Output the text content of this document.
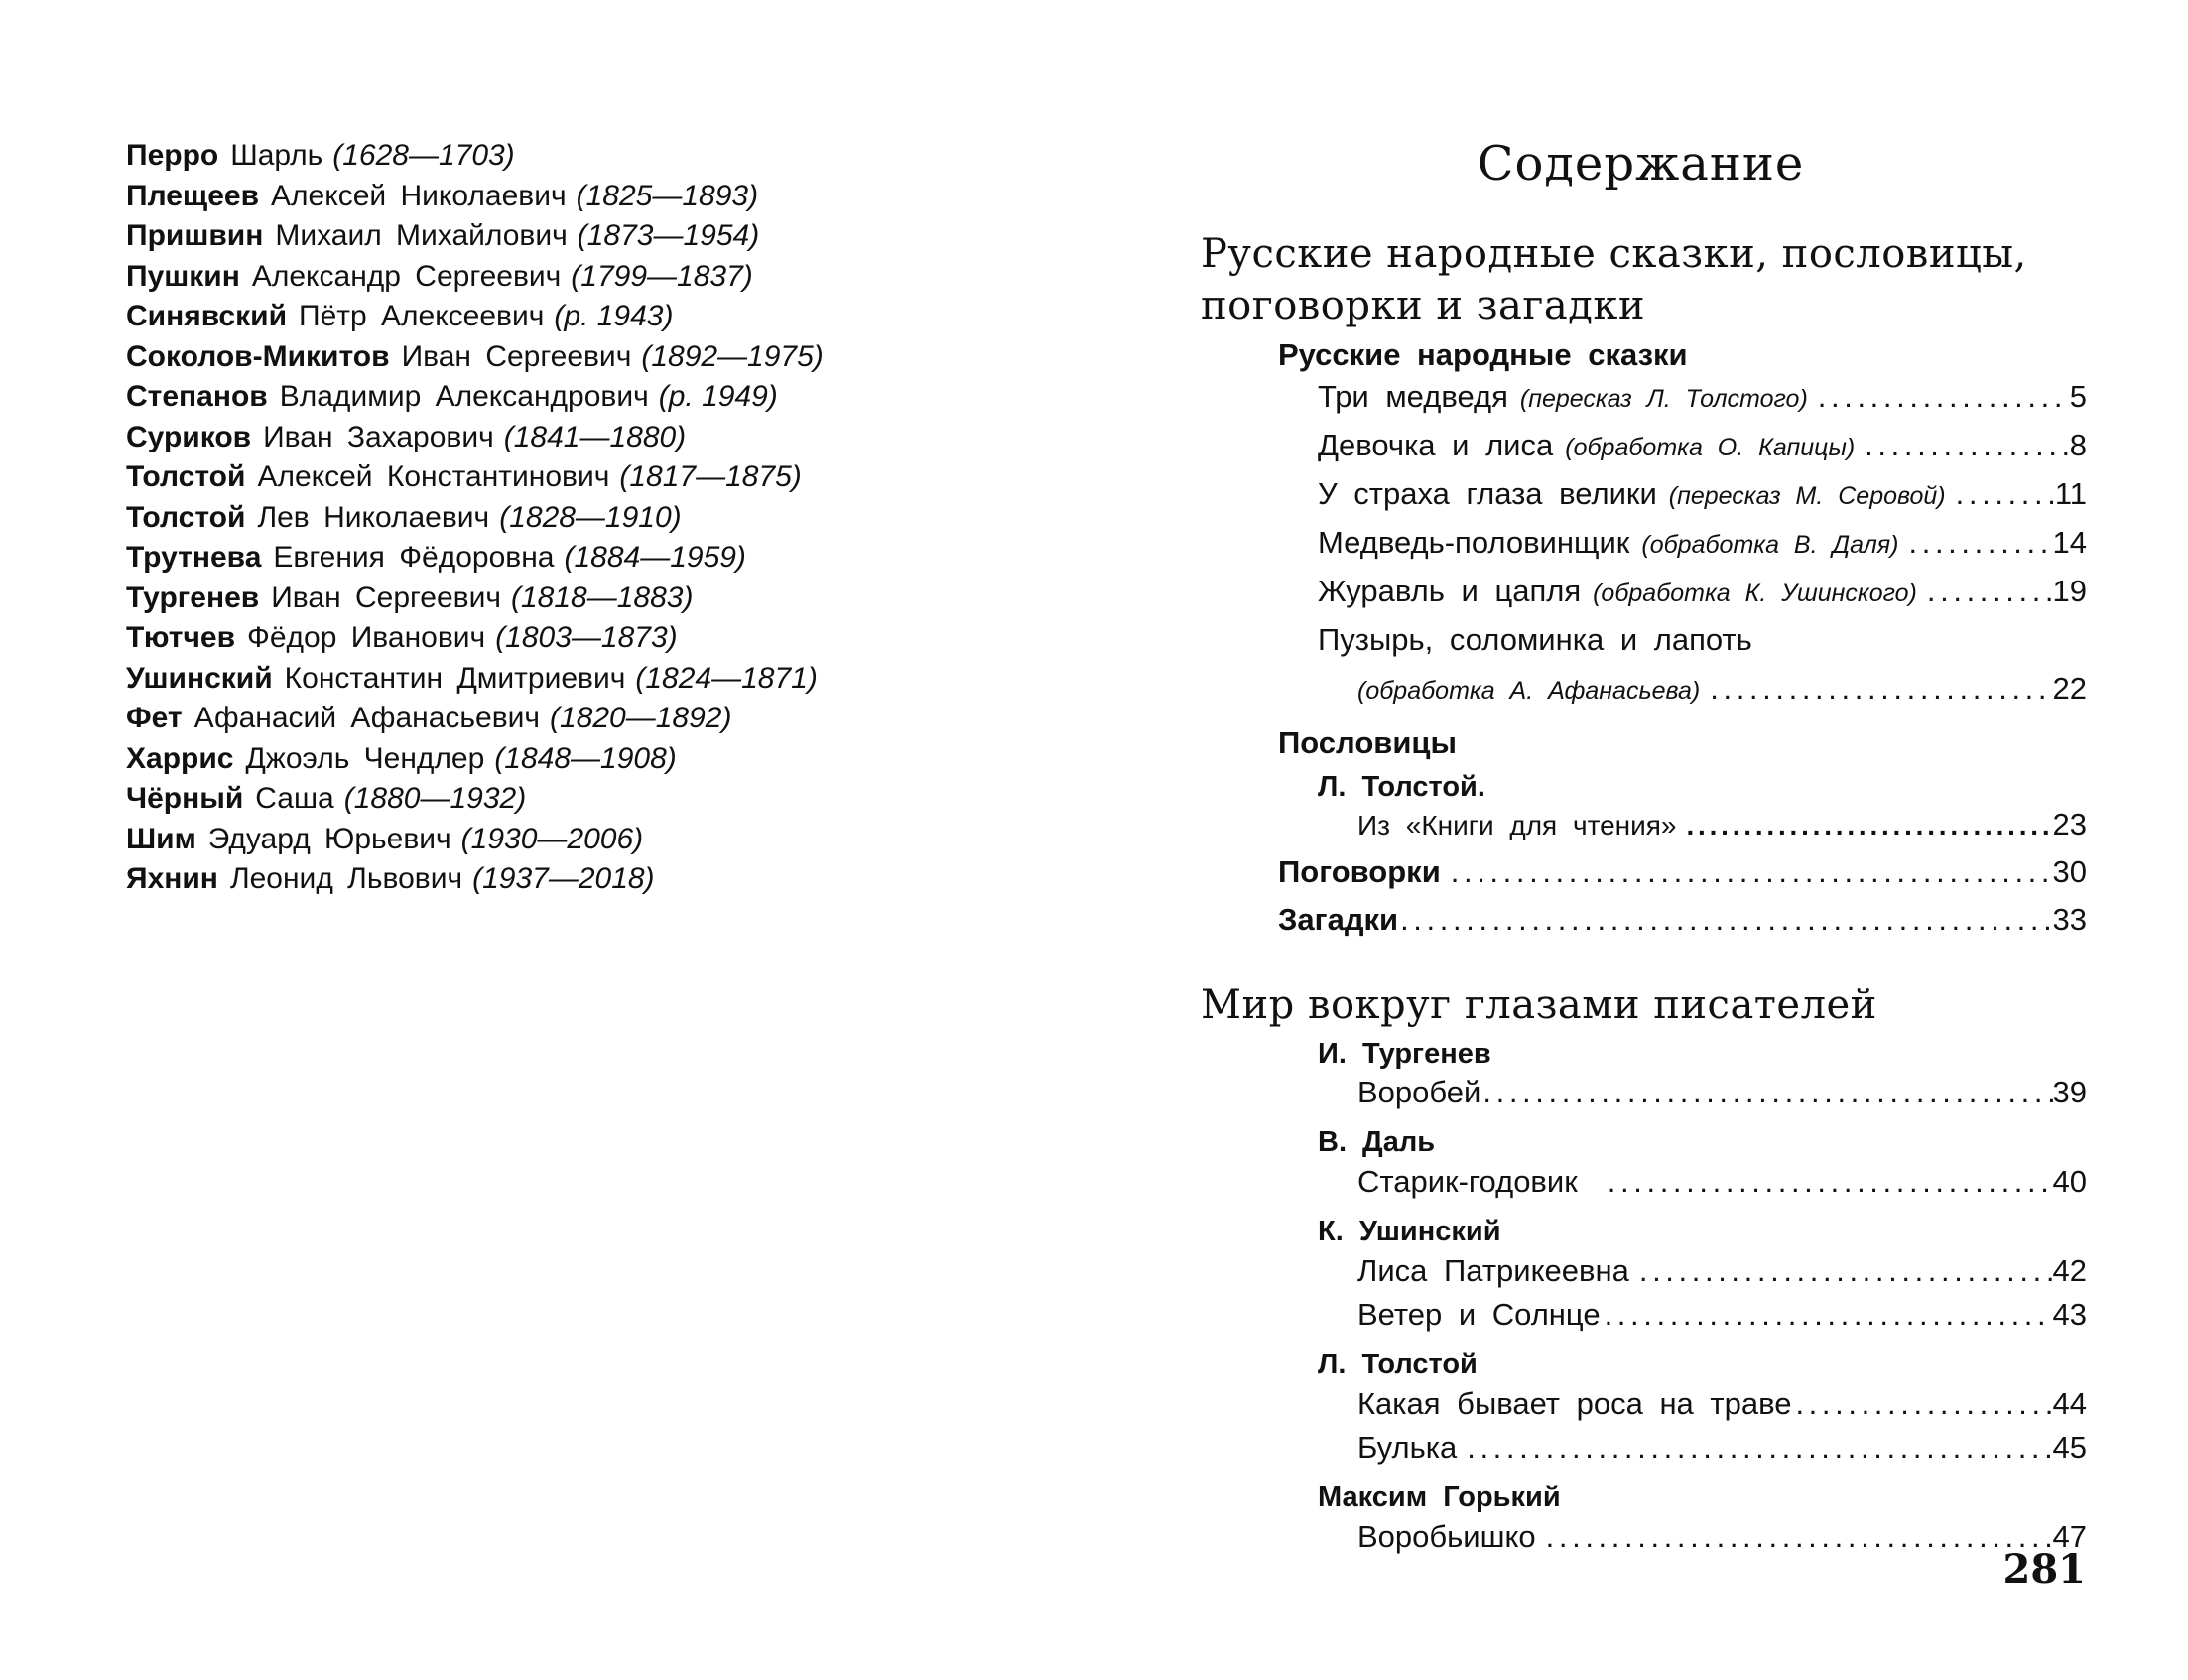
Перро Шарль (1628—1703)
Плещеев Алексей Николаевич (1825—1893)
Пришвин Михаил Михайлович (1873—1954)
Пушкин Александр Сергеевич (1799—1837)
Синявский Пётр Алексеевич (р. 1943)
Соколов-Микитов Иван Сергеевич (1892—1975)
Степанов Владимир Александрович (р. 1949)
Суриков Иван Захарович (1841—1880)
Толстой Алексей Константинович (1817—1875)
Толстой Лев Николаевич (1828—1910)
Трутнева Евгения Фёдоровна (1884—1959)
Тургенев Иван Сергеевич (1818—1883)
Тютчев Фёдор Иванович (1803—1873)
Ушинский Константин Дмитриевич (1824—1871)
Фет Афанасий Афанасьевич (1820—1892)
Харрис Джоэль Чендлер (1848—1908)
Чёрный Саша (1880—1932)
Шим Эдуард Юрьевич (1930—2006)
Яхнин Леонид Львович (1937—2018)
Содержание
Русские народные сказки, пословицы,
поговорки и загадки
Русские народные сказки
Три медведя (пересказ Л. Толстого) . . .	5
Девочка и лиса (обработка О. Капицы) . . .	8
У страха глаза велики (пересказ М. Серовой) . . .	11
Медведь-половинщик (обработка В. Даля) . . .	14
Журавль и цапля (обработка К. Ушинского) . . .	19
Пузырь, соломинка и лапоть
(обработка А. Афанасьева) . . .	22
Пословицы
Л. Толстой.
Из «Книги для чтения» . . .	23
Поговорки . . .	30
Загадки . . .	33
Мир вокруг глазами писателей
И. Тургенев
Воробей . . .	39
В. Даль
Старик-годовик . . .	40
К. Ушинский
Лиса Патрикеевна . . .	42
Ветер и Солнце . . .	43
Л. Толстой
Какая бывает роса на траве . . .	44
Булька . . .	45
Максим Горький
Воробьишко . . .	47
281
